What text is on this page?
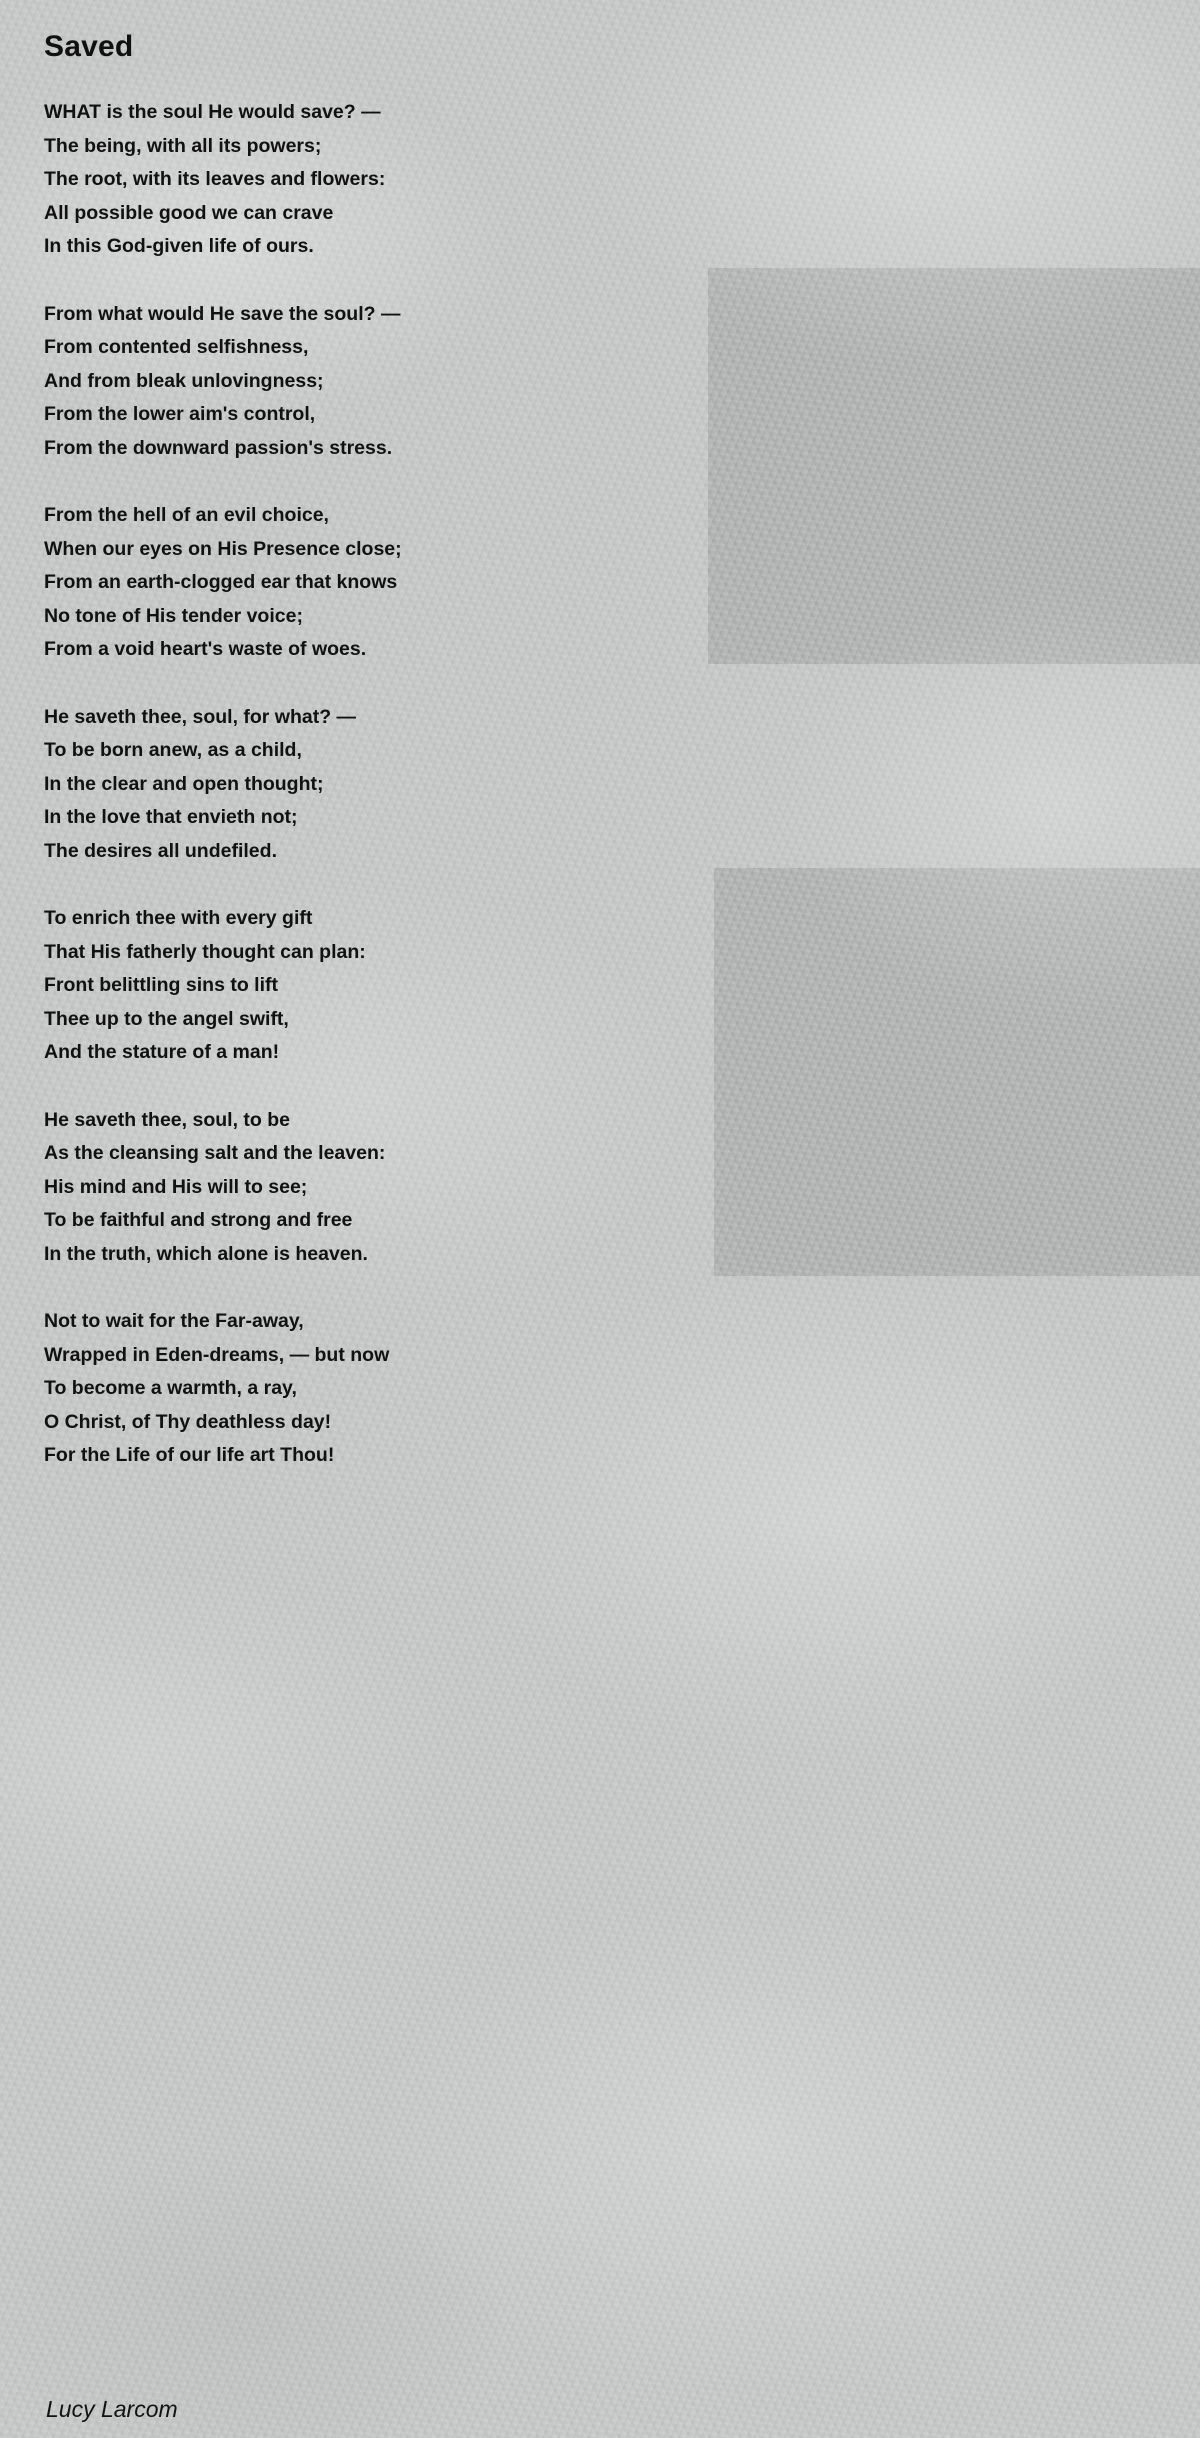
Saved
WHAT is the soul He would save? —
The being, with all its powers;
The root, with its leaves and flowers:
All possible good we can crave
In this God-given life of ours.
From what would He save the soul? —
From contented selfishness,
And from bleak unlovingness;
From the lower aim's control,
From the downward passion's stress.
From the hell of an evil choice,
When our eyes on His Presence close;
From an earth-clogged ear that knows
No tone of His tender voice;
From a void heart's waste of woes.
He saveth thee, soul, for what? —
To be born anew, as a child,
In the clear and open thought;
In the love that envieth not;
The desires all undefiled.
To enrich thee with every gift
That His fatherly thought can plan:
Front belittling sins to lift
Thee up to the angel swift,
And the stature of a man!
He saveth thee, soul, to be
As the cleansing salt and the leaven:
His mind and His will to see;
To be faithful and strong and free
In the truth, which alone is heaven.
Not to wait for the Far-away,
Wrapped in Eden-dreams, — but now
To become a warmth, a ray,
O Christ, of Thy deathless day!
For the Life of our life art Thou!
Lucy Larcom
